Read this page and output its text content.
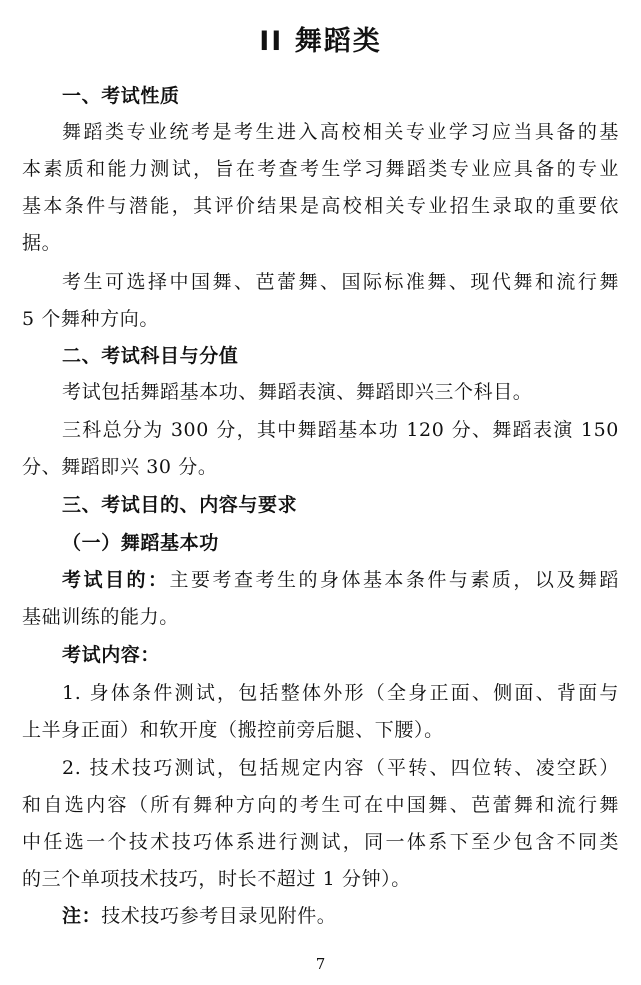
II 舞蹈类
一、考试性质
舞蹈类专业统考是考生进入高校相关专业学习应当具备的基
本素质和能力测试，旨在考查考生学习舞蹈类专业应具备的专业
基本条件与潜能，其评价结果是高校相关专业招生录取的重要依
据。
考生可选择中国舞、芭蕾舞、国际标准舞、现代舞和流行舞
5 个舞种方向。
二、考试科目与分值
考试包括舞蹈基本功、舞蹈表演、舞蹈即兴三个科目。
三科总分为 300 分，其中舞蹈基本功 120 分、舞蹈表演 150
分、舞蹈即兴 30 分。
三、考试目的、内容与要求
（一）舞蹈基本功
考试目的：主要考查考生的身体基本条件与素质，以及舞蹈
基础训练的能力。
考试内容：
1. 身体条件测试，包括整体外形（全身正面、侧面、背面与
上半身正面）和软开度（搬控前旁后腿、下腰）。
2. 技术技巧测试，包括规定内容（平转、四位转、凌空跃）
和自选内容（所有舞种方向的考生可在中国舞、芭蕾舞和流行舞
中任选一个技术技巧体系进行测试，同一体系下至少包含不同类
的三个单项技术技巧，时长不超过 1 分钟）。
注：技术技巧参考目录见附件。
7
